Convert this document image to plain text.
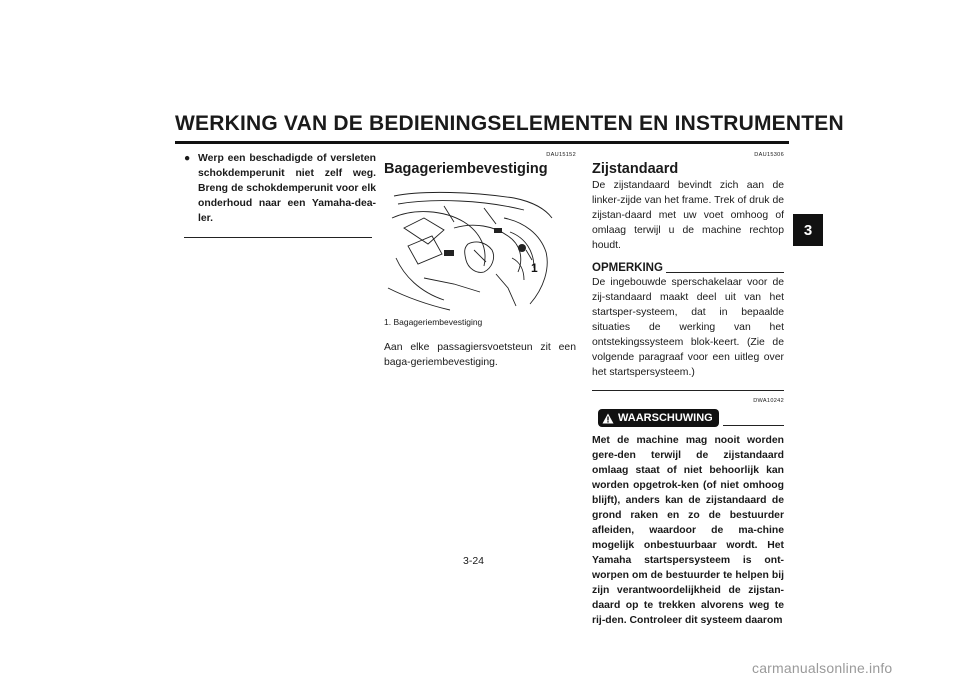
WERKING VAN DE BEDIENINGSELEMENTEN EN INSTRUMENTEN
3
● Werp een beschadigde of versleten schokdemperunit niet zelf weg. Breng de schokdemperunit voor elk onderhoud naar een Yamaha-dea-ler.
DAU15152
Bagageriembevestiging
1
1. Bagageriembevestiging
Aan elke passagiersvoetsteun zit een baga-geriembevestiging.
DAU15306
Zijstandaard
De zijstandaard bevindt zich aan de linker-zijde van het frame. Trek of druk de zijstan-daard met uw voet omhoog of omlaag terwijl u de machine rechtop houdt.
OPMERKING
De ingebouwde sperschakelaar voor de zij-standaard maakt deel uit van het startsper-systeem, dat in bepaalde situaties de werking van het ontstekingssysteem blok-keert. (Zie de volgende paragraaf voor een uitleg over het startspersysteem.)
DWA10242
WAARSCHUWING
Met de machine mag nooit worden gere-den terwijl de zijstandaard omlaag staat of niet behoorlijk kan worden opgetrok-ken (of niet omhoog blijft), anders kan de zijstandaard de grond raken en zo de bestuurder afleiden, waardoor de ma-chine mogelijk onbestuurbaar wordt. Het Yamaha startspersysteem is ont-worpen om de bestuurder te helpen bij zijn verantwoordelijkheid de zijstan-daard op te trekken alvorens weg te rij-den. Controleer dit systeem daarom
3-24
carmanualsonline.info
